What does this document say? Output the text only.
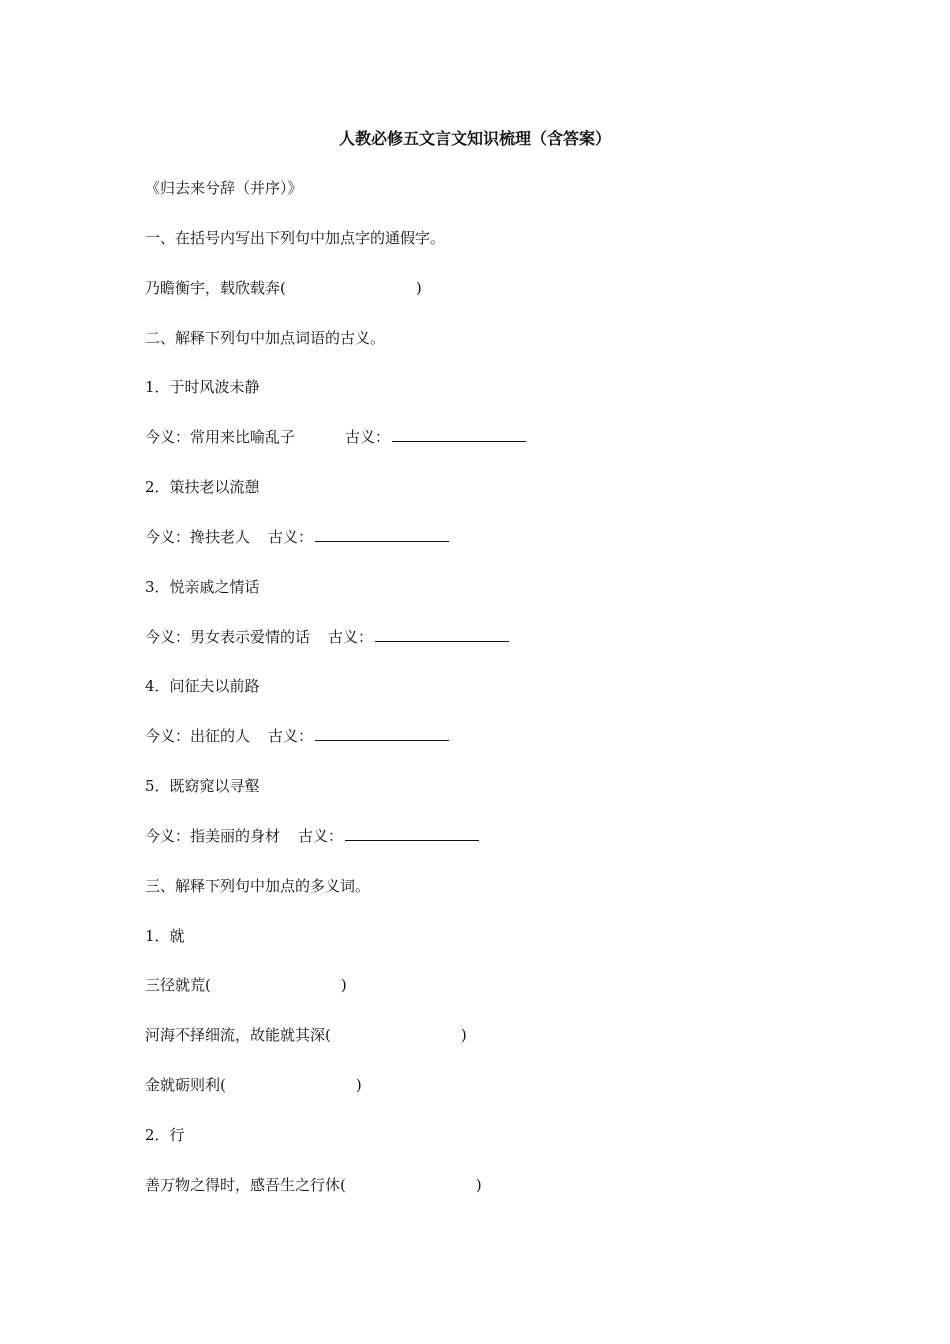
人教必修五文言文知识梳理（含答案）
《归去来兮辞（并序）》
一、在括号内写出下列句中加点字的通假字。
乃瞻衡宇，载欣载奔(	)
二、解释下列句中加点词语的古义。
1．于时风波未静
今义：常用来比喻乱子	古义：
2．策扶老以流憩
今义：搀扶老人 古义：
3．悦亲戚之情话
今义：男女表示爱情的话 古义：
4．问征夫以前路
今义：出征的人 古义：
5．既窈窕以寻壑
今义：指美丽的身材 古义：
三、解释下列句中加点的多义词。
1．就
三径就荒(	)
河海不择细流，故能就其深(	)
金就砺则利(	)
2．行
善万物之得时，感吾生之行休(	)
